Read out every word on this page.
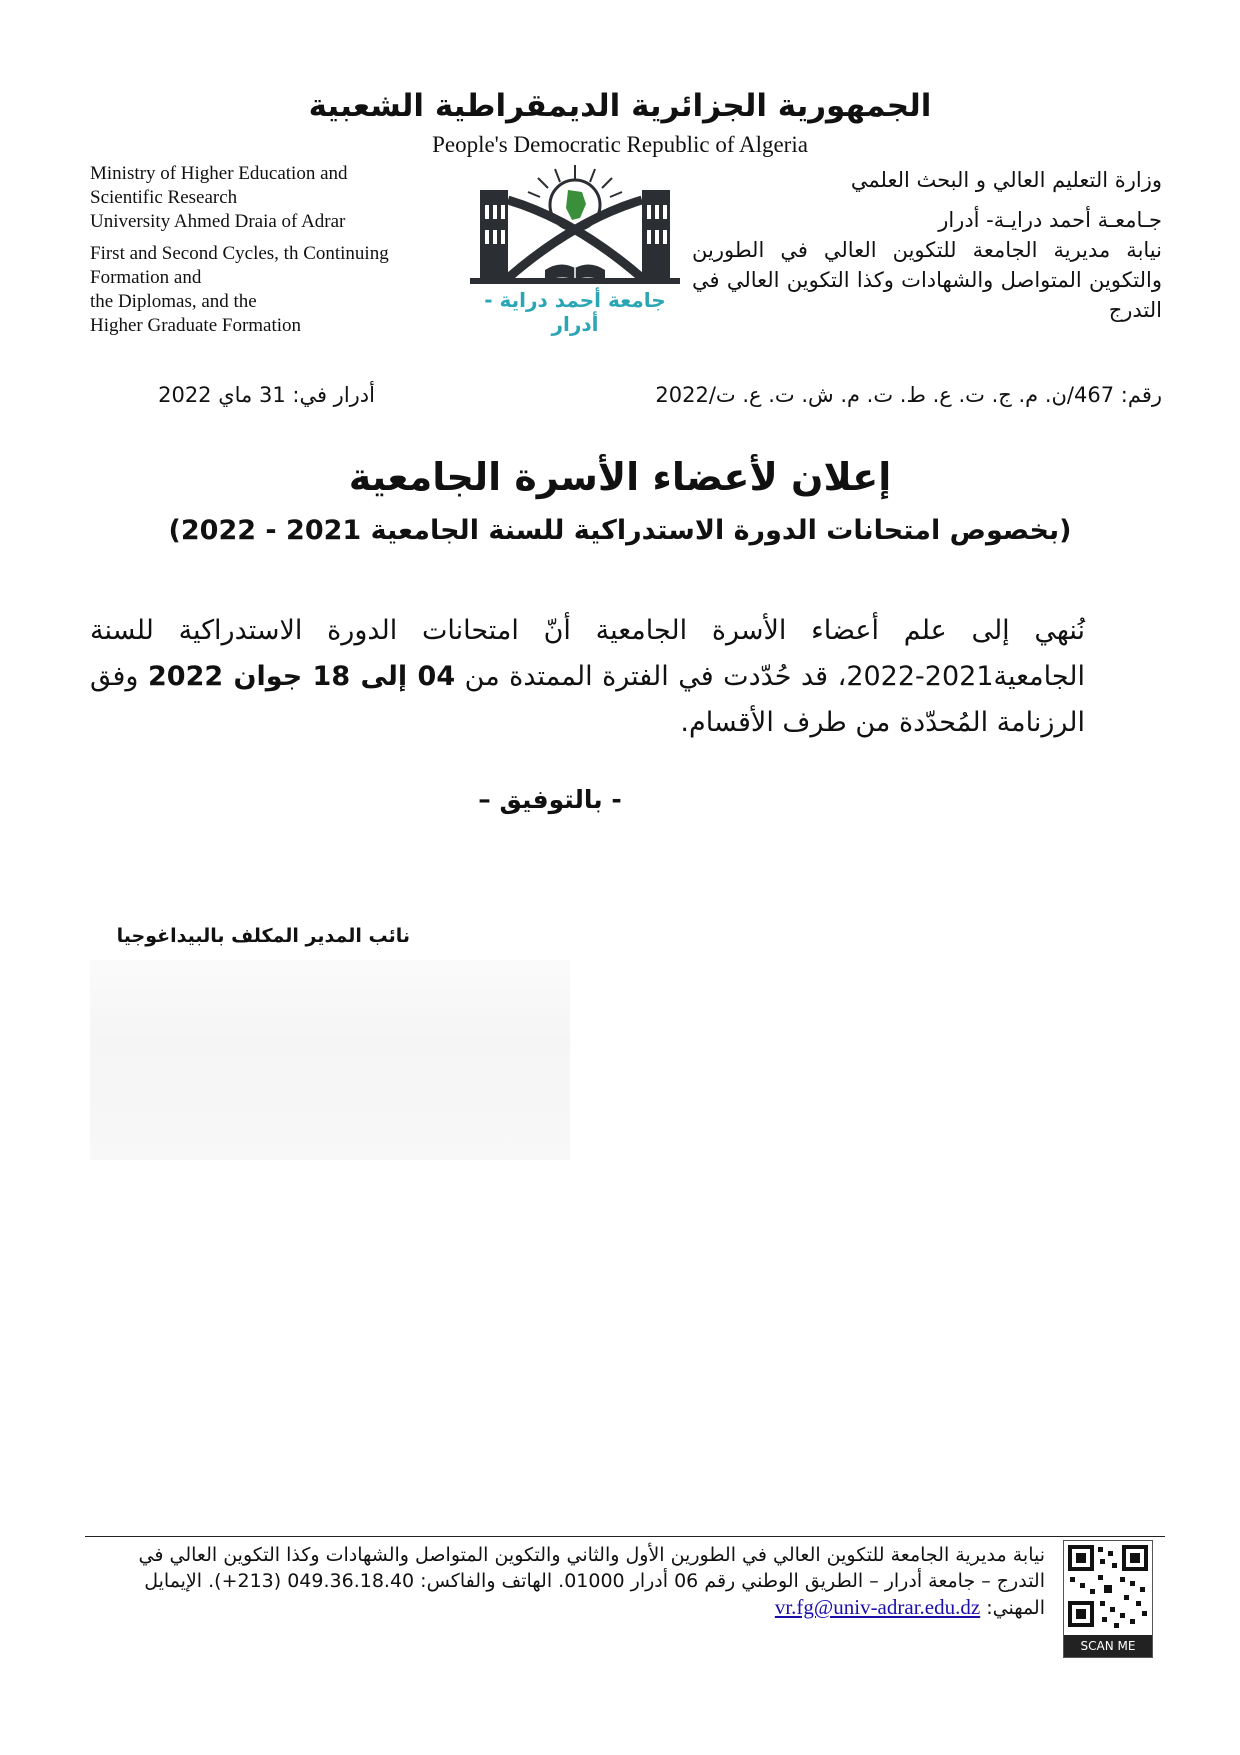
الجمهورية الجزائرية الديمقراطية الشعبية
People's Democratic Republic of Algeria
Ministry of Higher Education and
Scientific Research
University Ahmed Draia of Adrar
First and Second Cycles, th Continuing
Formation and
the Diplomas, and the
Higher Graduate Formation
جامعة أحمد دراية - أدرار
وزارة التعليم العالي و البحث العلمي
جـامعـة أحمد درايـة- أدرار
نيابة مديرية الجامعة للتكوين العالي في الطورين والتكوين المتواصل والشهادات وكذا التكوين العالي في التدرج
رقم: 467/ن. م. ج. ت. ع. ط. ت. م. ش. ت. ع. ت/2022
أدرار في: 31 ماي 2022
إعلان لأعضاء الأسرة الجامعية
(بخصوص امتحانات الدورة الاستدراكية للسنة الجامعية 2021 - 2022)
نُنهي إلى علم أعضاء الأسرة الجامعية أنّ امتحانات الدورة الاستدراكية للسنة الجامعية2021-2022، قد حُدّدت في الفترة الممتدة من 04 إلى 18 جوان 2022 وفق الرزنامة المُحدّدة من طرف الأقسام.
- بالتوفيق –
نائب المدير المكلف بالبيداغوجيا
نيابة مديرية الجامعة للتكوين العالي في الطورين الأول والثاني والتكوين المتواصل والشهادات وكذا التكوين العالي في
التدرج – جامعة أدرار – الطريق الوطني رقم 06 أدرار 01000. الهاتف والفاكس: 049.36.18.40 (213+). الإيمايل
المهني: vr.fg@univ-adrar.edu.dz
SCAN ME
